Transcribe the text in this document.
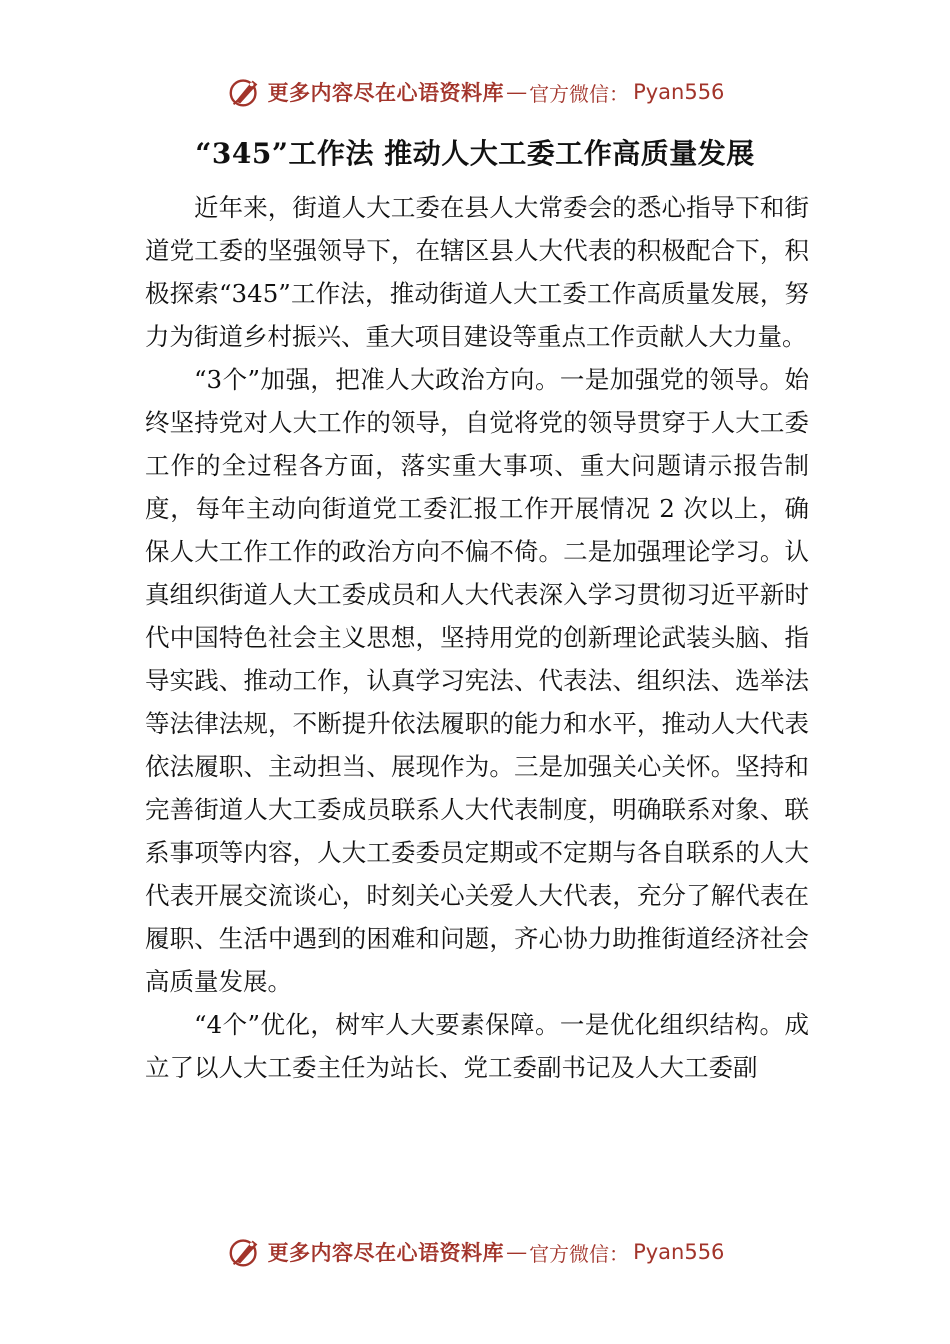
更多内容尽在心语资料库 — 官方微信： Pyan556
“345”工作法 推动人大工委工作高质量发展

近年来，街道人大工委在县人大常委会的悉心指导下和街道党工委的坚强领导下，在辖区县人大代表的积极配合下，积极探索“345”工作法，推动街道人大工委工作高质量发展，努力为街道乡村振兴、重大项目建设等重点工作贡献人大力量。

“3个”加强，把准人大政治方向。一是加强党的领导。始终坚持党对人大工作的领导，自觉将党的领导贯穿于人大工委工作的全过程各方面，落实重大事项、重大问题请示报告制度，每年主动向街道党工委汇报工作开展情况 2 次以上，确保人大工作工作的政治方向不偏不倚。二是加强理论学习。认真组织街道人大工委成员和人大代表深入学习贯彻习近平新时代中国特色社会主义思想，坚持用党的创新理论武装头脑、指导实践、推动工作，认真学习宪法、代表法、组织法、选举法等法律法规，不断提升依法履职的能力和水平，推动人大代表依法履职、主动担当、展现作为。三是加强关心关怀。坚持和完善街道人大工委成员联系人大代表制度，明确联系对象、联系事项等内容，人大工委委员定期或不定期与各自联系的人大代表开展交流谈心，时刻关心关爱人大代表，充分了解代表在履职、生活中遇到的困难和问题，齐心协力助推街道经济社会高质量发展。

“4个”优化，树牢人大要素保障。一是优化组织结构。成立了以人大工委主任为站长、党工委副书记及人大工委副

更多内容尽在心语资料库 — 官方微信： Pyan556
